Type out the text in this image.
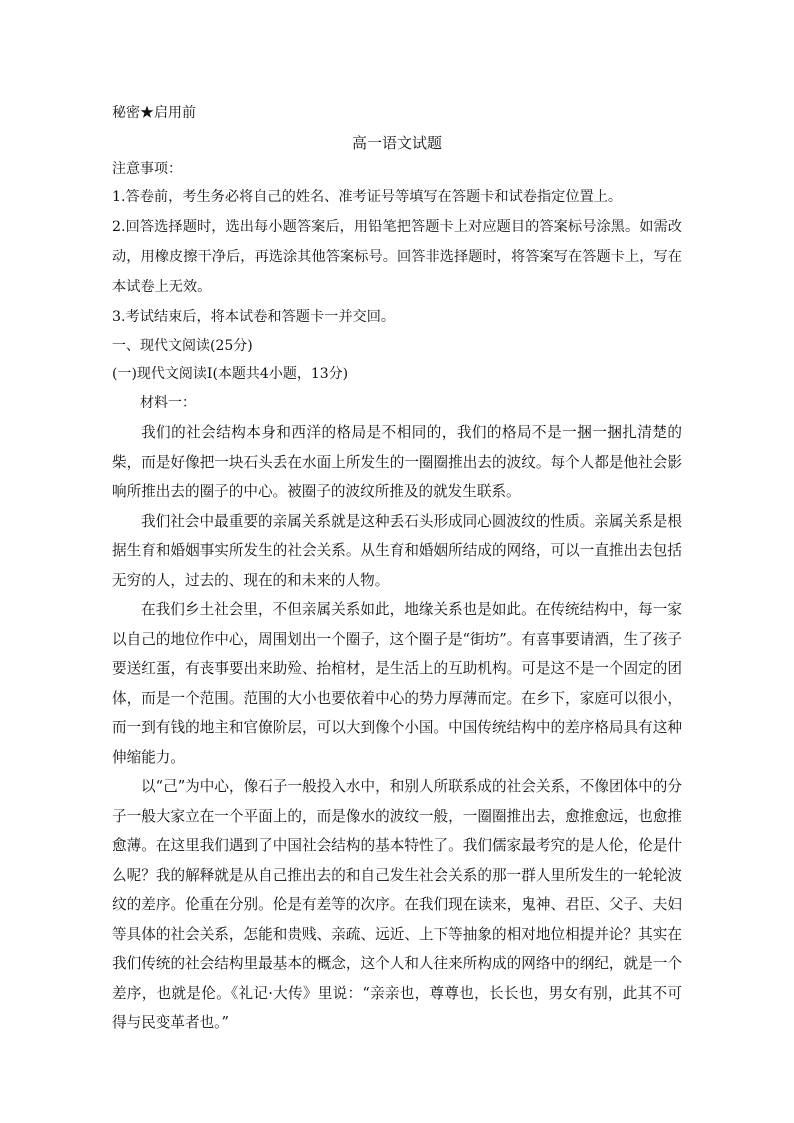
秘密★启用前

高一语文试题

注意事项：

1.答卷前，考生务必将自己的姓名、准考证号等填写在答题卡和试卷指定位置上。

2.回答选择题时，选出每小题答案后，用铅笔把答题卡上对应题目的答案标号涂黑。如需改动，用橡皮擦干净后，再选涂其他答案标号。回答非选择题时，将答案写在答题卡上，写在本试卷上无效。

3.考试结束后，将本试卷和答题卡一并交回。

一、现代文阅读(25分)

(一)现代文阅读I(本题共4小题，13分)

材料一：

我们的社会结构本身和西洋的格局是不相同的，我们的格局不是一捆一捆扎清楚的柴，而是好像把一块石头丢在水面上所发生的一圈圈推出去的波纹。每个人都是他社会影响所推出去的圈子的中心。被圈子的波纹所推及的就发生联系。

我们社会中最重要的亲属关系就是这种丢石头形成同心圆波纹的性质。亲属关系是根据生育和婚姻事实所发生的社会关系。从生育和婚姻所结成的网络，可以一直推出去包括无穷的人，过去的、现在的和未来的人物。

在我们乡土社会里，不但亲属关系如此，地缘关系也是如此。在传统结构中，每一家以自己的地位作中心，周围划出一个圈子，这个圈子是“街坊”。有喜事要请酒，生了孩子要送红蛋，有丧事要出来助殓、抬棺材，是生活上的互助机构。可是这不是一个固定的团体，而是一个范围。范围的大小也要依着中心的势力厚薄而定。在乡下，家庭可以很小，而一到有钱的地主和官僚阶层，可以大到像个小国。中国传统结构中的差序格局具有这种伸缩能力。

以“己”为中心，像石子一般投入水中，和别人所联系成的社会关系，不像团体中的分子一般大家立在一个平面上的，而是像水的波纹一般，一圈圈推出去，愈推愈远，也愈推愈薄。在这里我们遇到了中国社会结构的基本特性了。我们儒家最考究的是人伦，伦是什么呢？我的解释就是从自己推出去的和自己发生社会关系的那一群人里所发生的一轮轮波纹的差序。伦重在分别。伦是有差等的次序。在我们现在读来，鬼神、君臣、父子、夫妇等具体的社会关系，怎能和贵贱、亲疏、远近、上下等抽象的相对地位相提并论？其实在我们传统的社会结构里最基本的概念，这个人和人往来所构成的网络中的纲纪，就是一个差序，也就是伦。《礼记·大传》里说：“亲亲也，尊尊也，长长也，男女有别，此其不可得与民变革者也。”
